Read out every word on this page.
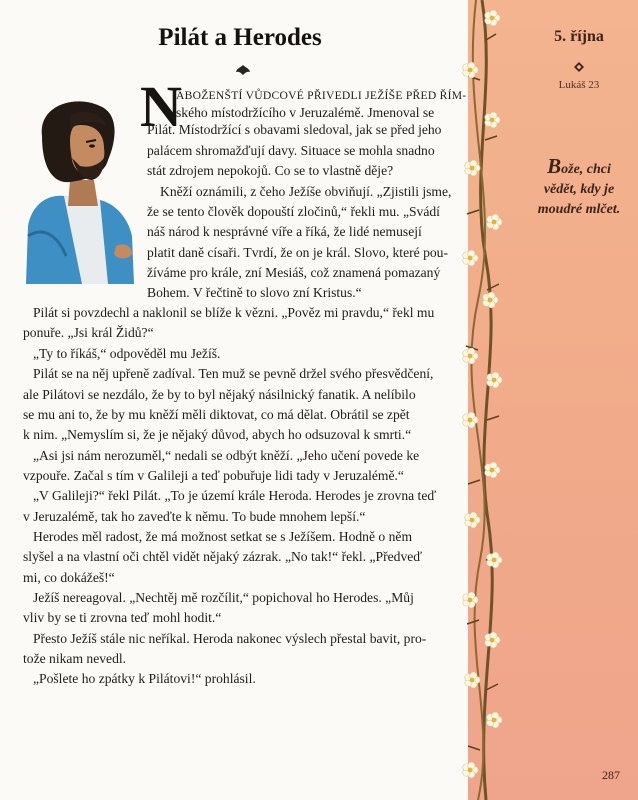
Pilát a Herodes
N
ÁBOŽENŠTÍ VŮDCOVÉ PŘIVEDLI JEŽÍŠE PŘED ŘÍM-
ského místodržícího v Jeruzalémě. Jmenoval se
Pilát. Místodržící s obavami sledoval, jak se před jeho
palácem shromažďují davy. Situace se mohla snadno
stát zdrojem nepokojů. Co se to vlastně děje?
Kněží oznámili, z čeho Ježíše obviňují. „Zjistili jsme,
že se tento člověk dopouští zločinů,“ řekli mu. „Svádí
náš národ k nesprávné víře a říká, že lidé nemusejí
platit daně císaři. Tvrdí, že on je král. Slovo, které pou-
žíváme pro krále, zní Mesiáš, což znamená pomazaný
Bohem. V řečtině to slovo zní Kristus.“
Pilát si povzdechl a naklonil se blíže k vězni. „Pověz mi pravdu,“ řekl mu
ponuře. „Jsi král Židů?“
„Ty to říkáš,“ odpověděl mu Ježíš.
Pilát se na něj upřeně zadíval. Ten muž se pevně držel svého přesvědčení,
ale Pilátovi se nezdálo, že by to byl nějaký násilnický fanatik. A nelíbilo
se mu ani to, že by mu kněží měli diktovat, co má dělat. Obrátil se zpět
k nim. „Nemyslím si, že je nějaký důvod, abych ho odsuzoval k smrti.“
„Asi jsi nám nerozuměl,“ nedali se odbýt kněží. „Jeho učení povede ke
vzpouře. Začal s tím v Galileji a teď pobuřuje lidi tady v Jeruzalémě.“
„V Galileji?“ řekl Pilát. „To je území krále Heroda. Herodes je zrovna teď
v Jeruzalémě, tak ho zaveďte k němu. To bude mnohem lepší.“
Herodes měl radost, že má možnost setkat se s Ježíšem. Hodně o něm
slyšel a na vlastní oči chtěl vidět nějaký zázrak. „No tak!“ řekl. „Předveď
mi, co dokážeš!“
Ježíš nereagoval. „Nechtěj mě rozčílit,“ popichoval ho Herodes. „Můj
vliv by se ti zrovna teď mohl hodit.“
Přesto Ježíš stále nic neříkal. Heroda nakonec výslech přestal bavit, pro-
tože nikam nevedl.
„Pošlete ho zpátky k Pilátovi!“ prohlásil.
5. října
Lukáš 23
Bože, chci
vědět, kdy je
moudré mlčet.
287
